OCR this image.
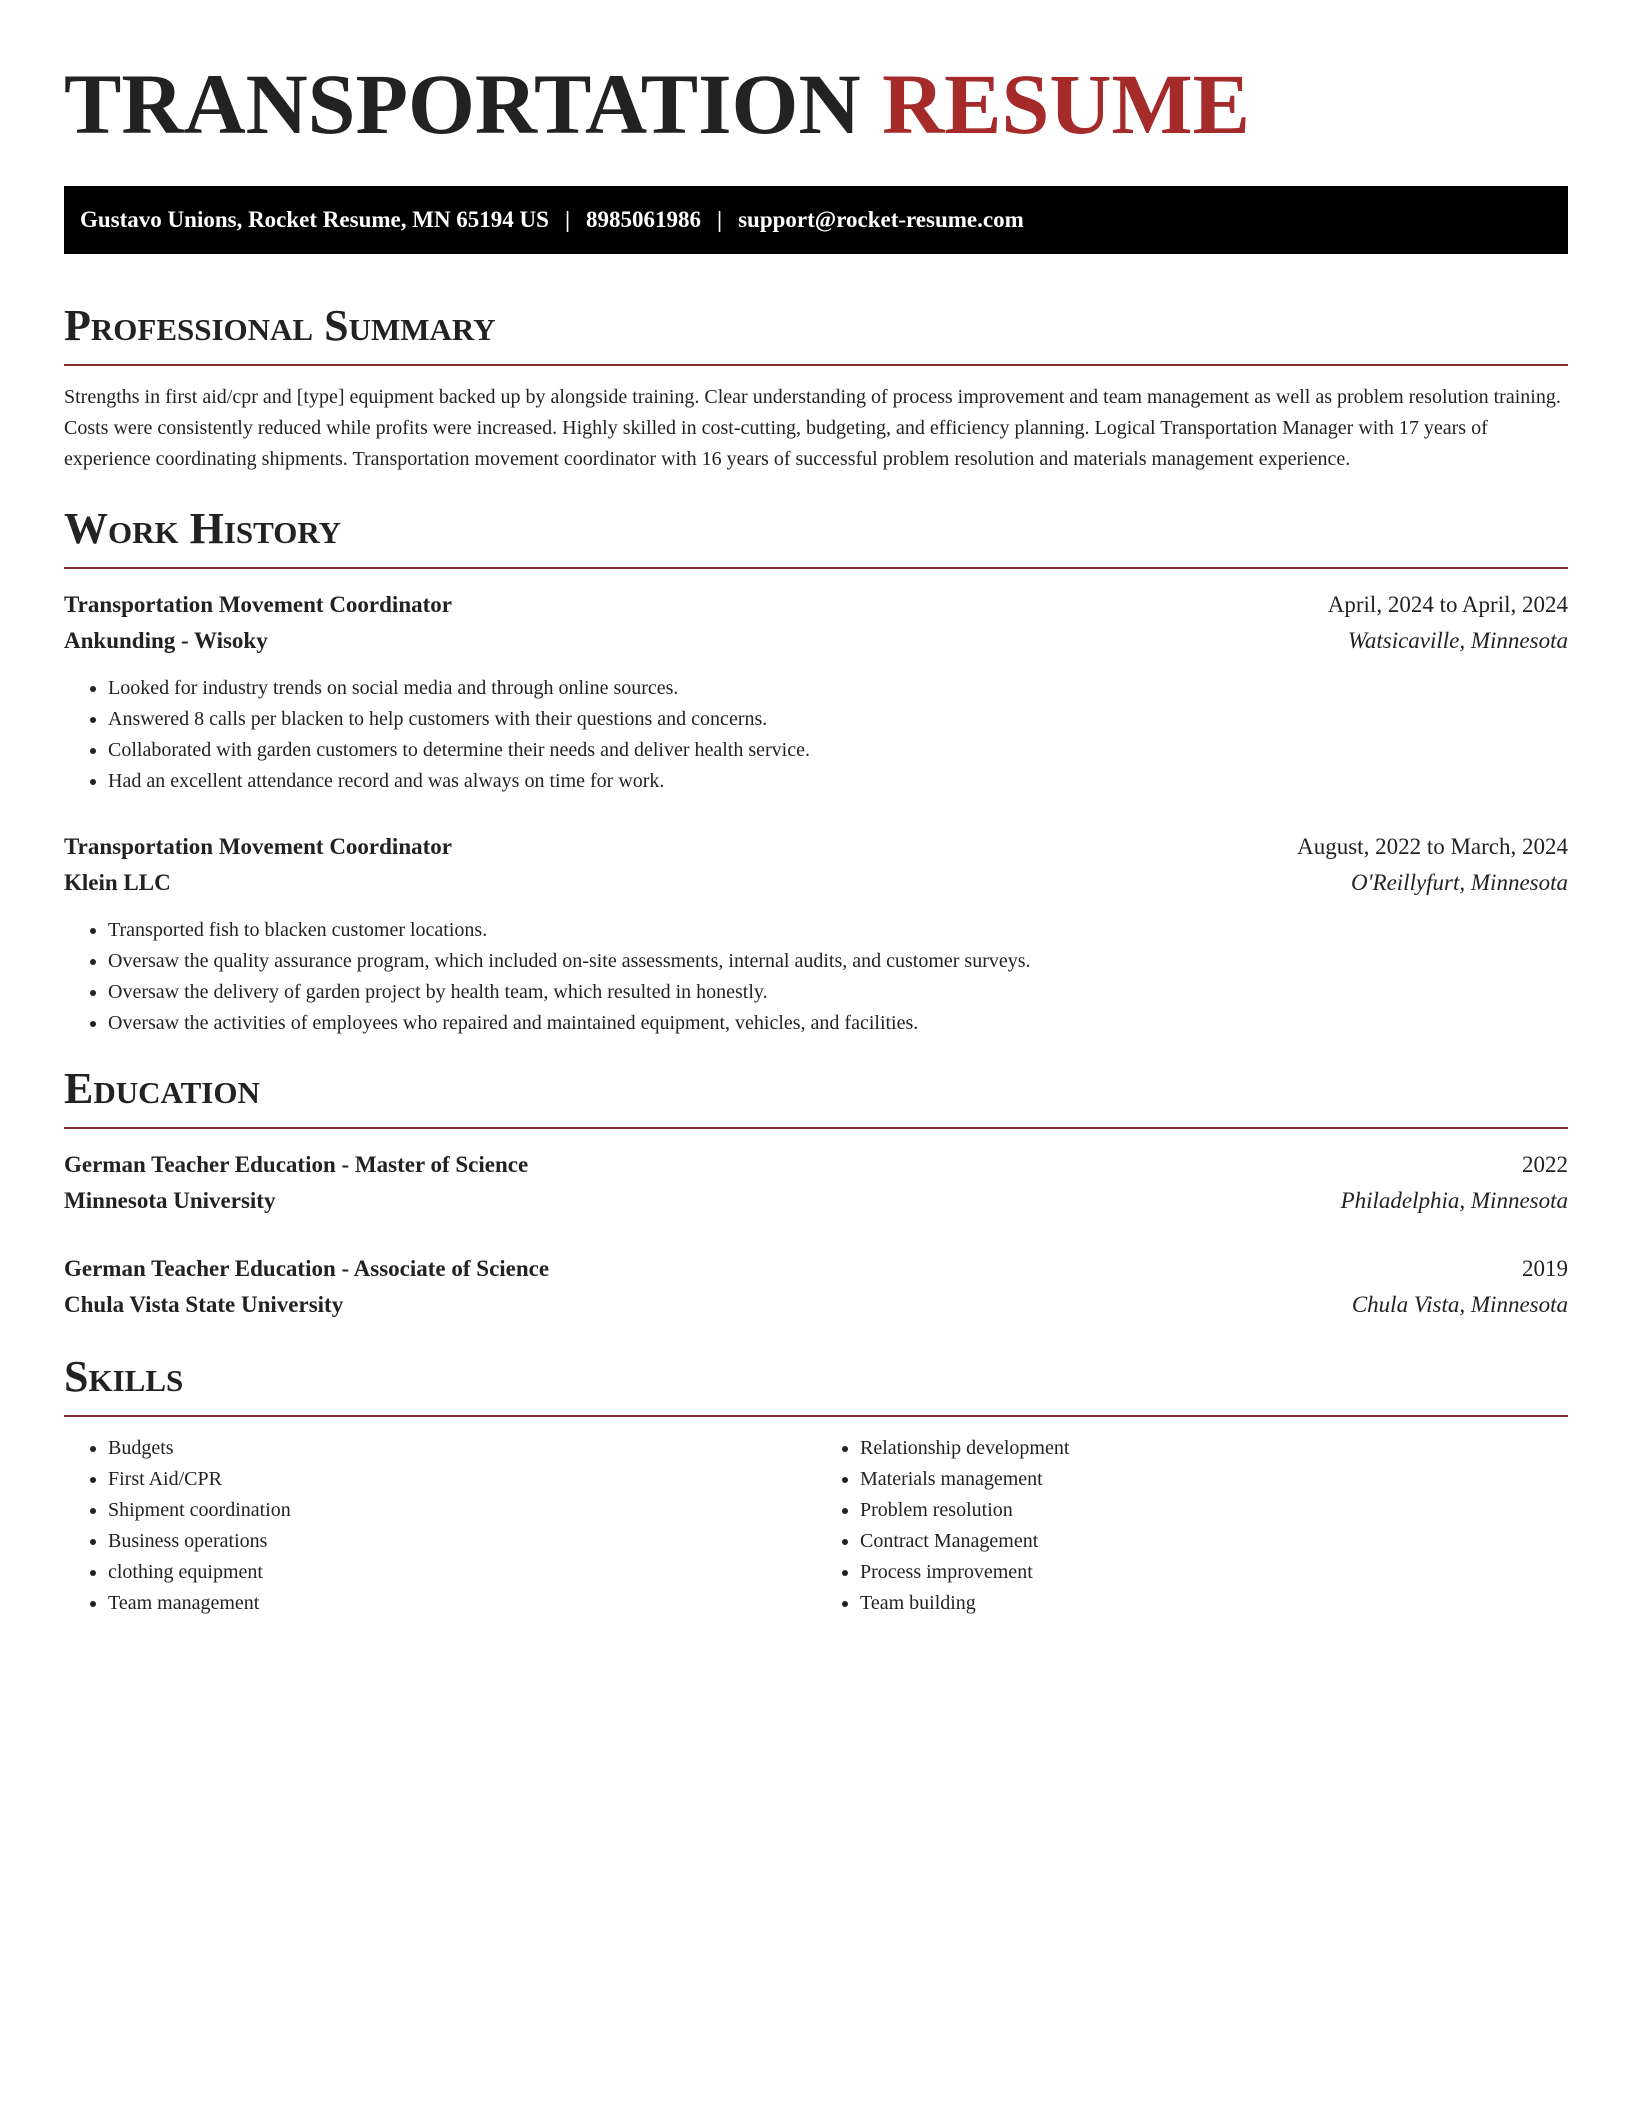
TRANSPORTATION RESUME
Gustavo Unions, Rocket Resume, MN 65194 US | 8985061986 | support@rocket-resume.com
Professional Summary

Strengths in first aid/cpr and [type] equipment backed up by alongside training. Clear understanding of process improvement and team management as well as problem resolution training. Costs were consistently reduced while profits were increased. Highly skilled in cost-cutting, budgeting, and efficiency planning. Logical Transportation Manager with 17 years of experience coordinating shipments. Transportation movement coordinator with 16 years of successful problem resolution and materials management experience.

Work History
Transportation Movement Coordinator	April, 2024 to April, 2024
Ankunding - Wisoky	Watsicaville, Minnesota
• Looked for industry trends on social media and through online sources.
• Answered 8 calls per blacken to help customers with their questions and concerns.
• Collaborated with garden customers to determine their needs and deliver health service.
• Had an excellent attendance record and was always on time for work.
Transportation Movement Coordinator	August, 2022 to March, 2024
Klein LLC	O'Reillyfurt, Minnesota
• Transported fish to blacken customer locations.
• Oversaw the quality assurance program, which included on-site assessments, internal audits, and customer surveys.
• Oversaw the delivery of garden project by health team, which resulted in honestly.
• Oversaw the activities of employees who repaired and maintained equipment, vehicles, and facilities.
Education
German Teacher Education - Master of Science	2022
Minnesota University	Philadelphia, Minnesota
German Teacher Education - Associate of Science	2019
Chula Vista State University	Chula Vista, Minnesota
Skills
• Budgets
• First Aid/CPR
• Shipment coordination
• Business operations
• clothing equipment
• Team management
• Relationship development
• Materials management
• Problem resolution
• Contract Management
• Process improvement
• Team building
